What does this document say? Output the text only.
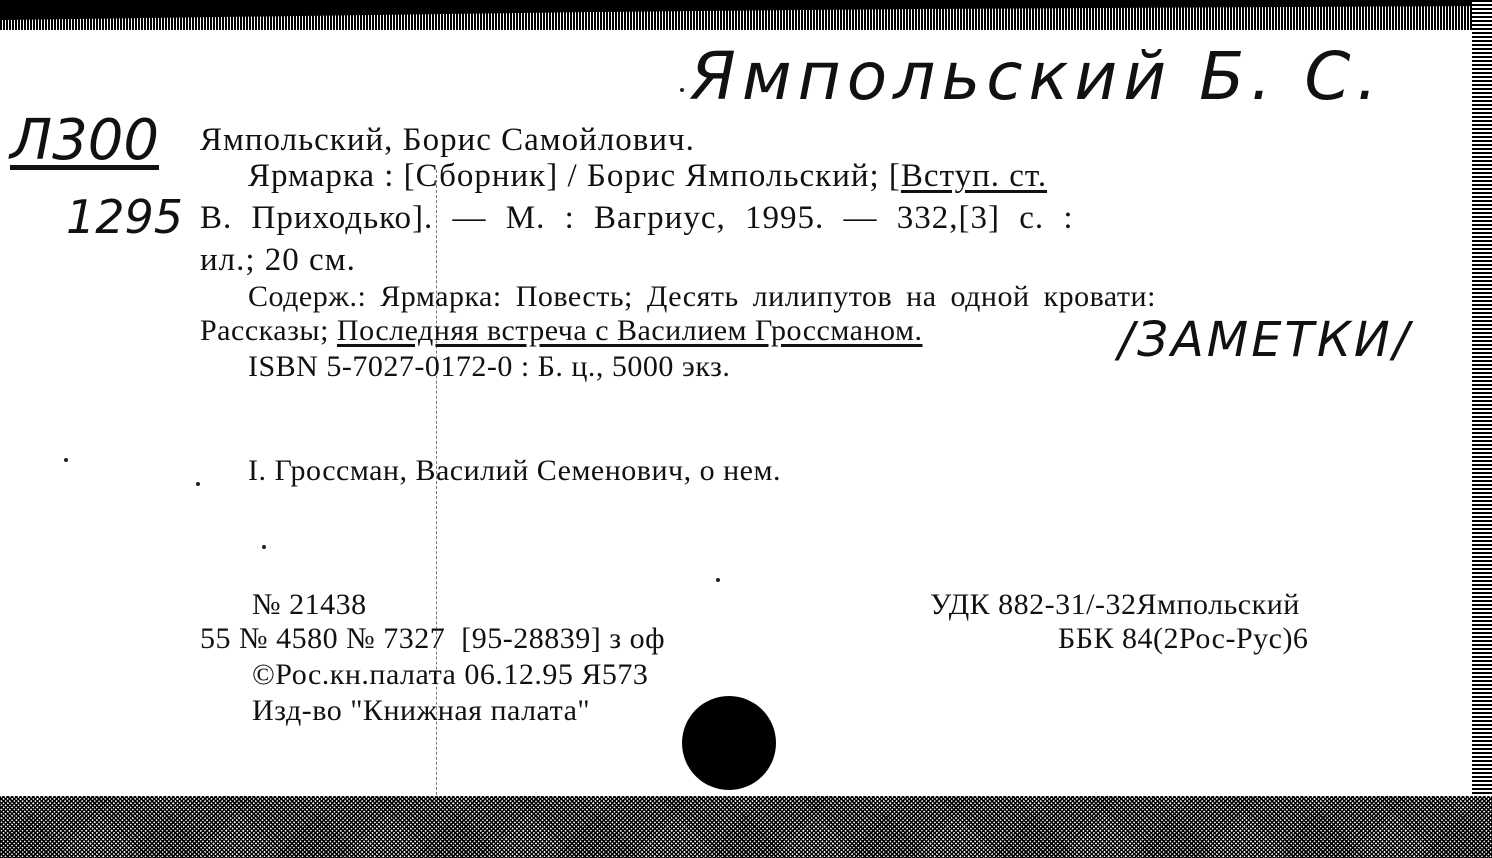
Ямпольский Б. С.
Л300
1295
/ЗАМЕТКИ/
Ямпольский, Борис Самойлович.
Ярмарка : [Сборник] / Борис Ямпольский; [Вступ. ст.
В. Приходько]. — М. : Вагриус, 1995. — 332,[3] с. :
ил.; 20 см.
Содерж.: Ярмарка: Повесть; Десять лилипутов на одной кровати:
Рассказы; Последняя встреча с Василием Гроссманом.
ISBN 5-7027-0172-0 : Б. ц., 5000 экз.
I. Гроссман, Василий Семенович, о нем.
№ 21438
55 № 4580 № 7327  [95-28839] з оф
©Рос.кн.палата 06.12.95 Я573
Изд-во "Книжная палата"
УДК 882-31/-32Ямпольский
ББК 84(2Рос-Рус)6
